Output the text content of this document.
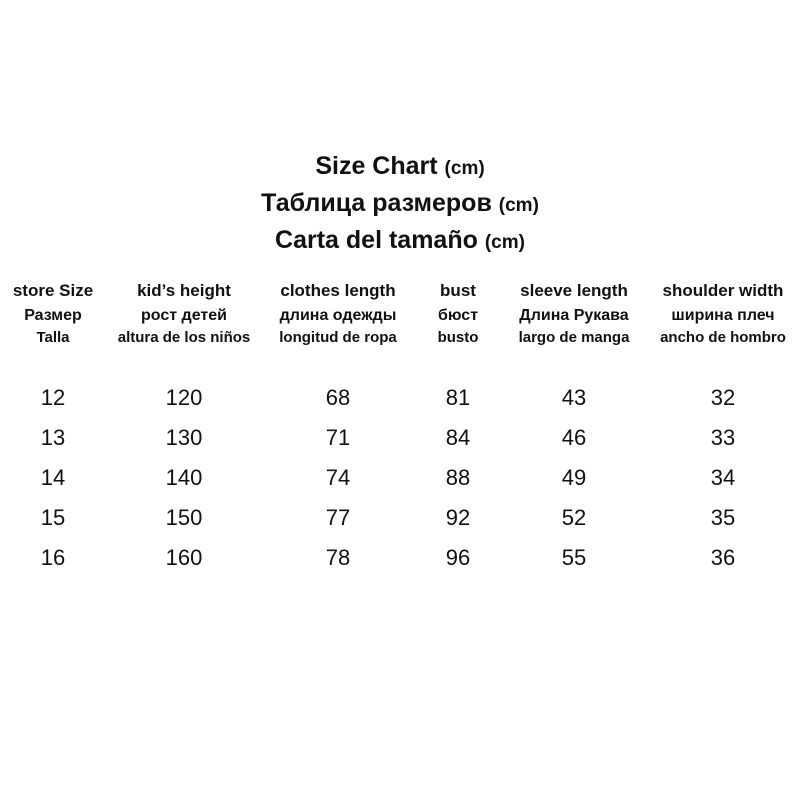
Size Chart (cm)
Таблица размеров (cm)
Carta del tamaño (cm)
store Size
Размер
Talla
12
13
14
15
16
kid’s height
рост детей
altura de los niños
120
130
140
150
160
clothes length
длина одежды
longitud de ropa
68
71
74
77
78
bust
бюст
busto
81
84
88
92
96
sleeve length
Длина Рукава
largo de manga
43
46
49
52
55
shoulder width
ширина плеч
ancho de hombro
32
33
34
35
36
